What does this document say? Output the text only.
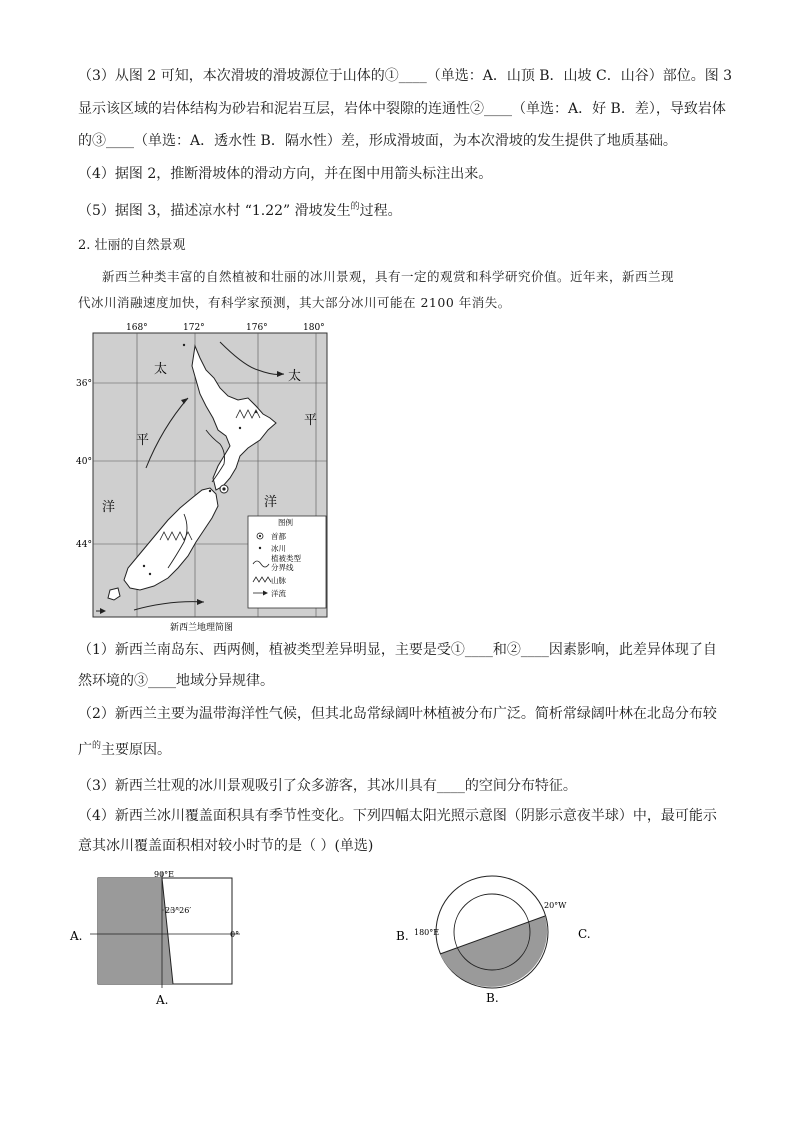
（3）从图 2 可知，本次滑坡的滑坡源位于山体的①____（单选：A．山顶 B．山坡 C．山谷）部位。图 3
显示该区域的岩体结构为砂岩和泥岩互层，岩体中裂隙的连通性②____（单选：A．好 B．差），导致岩体
的③____（单选：A．透水性 B．隔水性）差，形成滑坡面，为本次滑坡的发生提供了地质基础。
（4）据图 2，推断滑坡体的滑动方向，并在图中用箭头标注出来。
（5）据图 3，描述凉水村 “1.22” 滑坡发生$^的$过程。
2. 壮丽的自然景观
新西兰种类丰富的自然植被和壮丽的冰川景观，具有一定的观赏和科学研究价值。近年来，新西兰现
代冰川消融速度加快，有科学家预测，其大部分冰川可能在 2100 年消失。
168°	172°	176°	180°
36°
40°
44°
太
平
洋
太
平
洋
图例
首都
冰川
植被类型
分界线
山脉
洋流
新西兰地理简图
（1）新西兰南岛东、西两侧，植被类型差异明显，主要是受①____和②____因素影响，此差异体现了自
然环境的③____地域分异规律。
（2）新西兰主要为温带海洋性气候，但其北岛常绿阔叶林植被分布广泛。简析常绿阔叶林在北岛分布较
广$^的$主要原因。
（3）新西兰壮观的冰川景观吸引了众多游客，其冰川具有____的空间分布特征。
（4）新西兰冰川覆盖面积具有季节性变化。下列四幅太阳光照示意图（阴影示意夜半球）中，最可能示
意其冰川覆盖面积相对较小时节的是（ ）(单选)
A.
90°E
23°26′
0°
A.
B. 180°E
20°W
C.
B.
